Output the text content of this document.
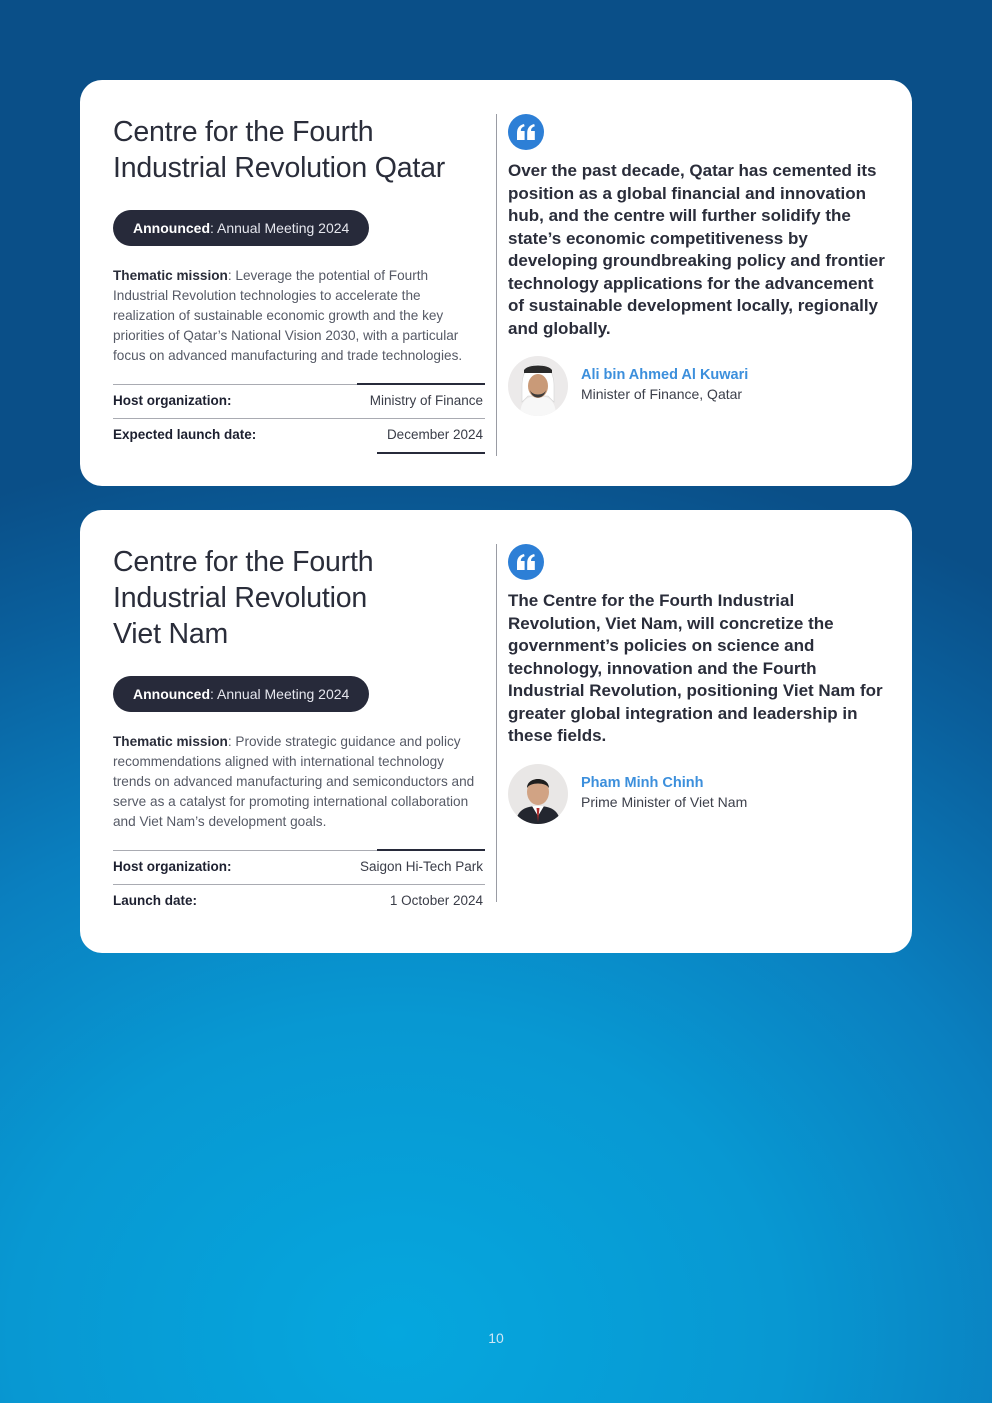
Centre for the Fourth
Industrial Revolution Qatar
Announced: Annual Meeting 2024
Thematic mission: Leverage the potential of Fourth Industrial Revolution technologies to accelerate the realization of sustainable economic growth and the key priorities of Qatar’s National Vision 2030, with a particular focus on advanced manufacturing and trade technologies.
Host organization:	Ministry of Finance
Expected launch date:	December 2024
Over the past decade, Qatar has cemented its position as a global financial and innovation hub, and the centre will further solidify the state’s economic competitiveness by developing groundbreaking policy and frontier technology applications for the advancement of sustainable development locally, regionally and globally.
Ali bin Ahmed Al Kuwari
Minister of Finance, Qatar
Centre for the Fourth
Industrial Revolution
Viet Nam
Announced: Annual Meeting 2024
Thematic mission: Provide strategic guidance and policy recommendations aligned with international technology trends on advanced manufacturing and semiconductors and serve as a catalyst for promoting international collaboration and Viet Nam’s development goals.
Host organization:	Saigon Hi-Tech Park
Launch date:	1 October 2024
The Centre for the Fourth Industrial Revolution, Viet Nam, will concretize the government’s policies on science and technology, innovation and the Fourth Industrial Revolution, positioning Viet Nam for greater global integration and leadership in these fields.
Pham Minh Chinh
Prime Minister of Viet Nam
10
